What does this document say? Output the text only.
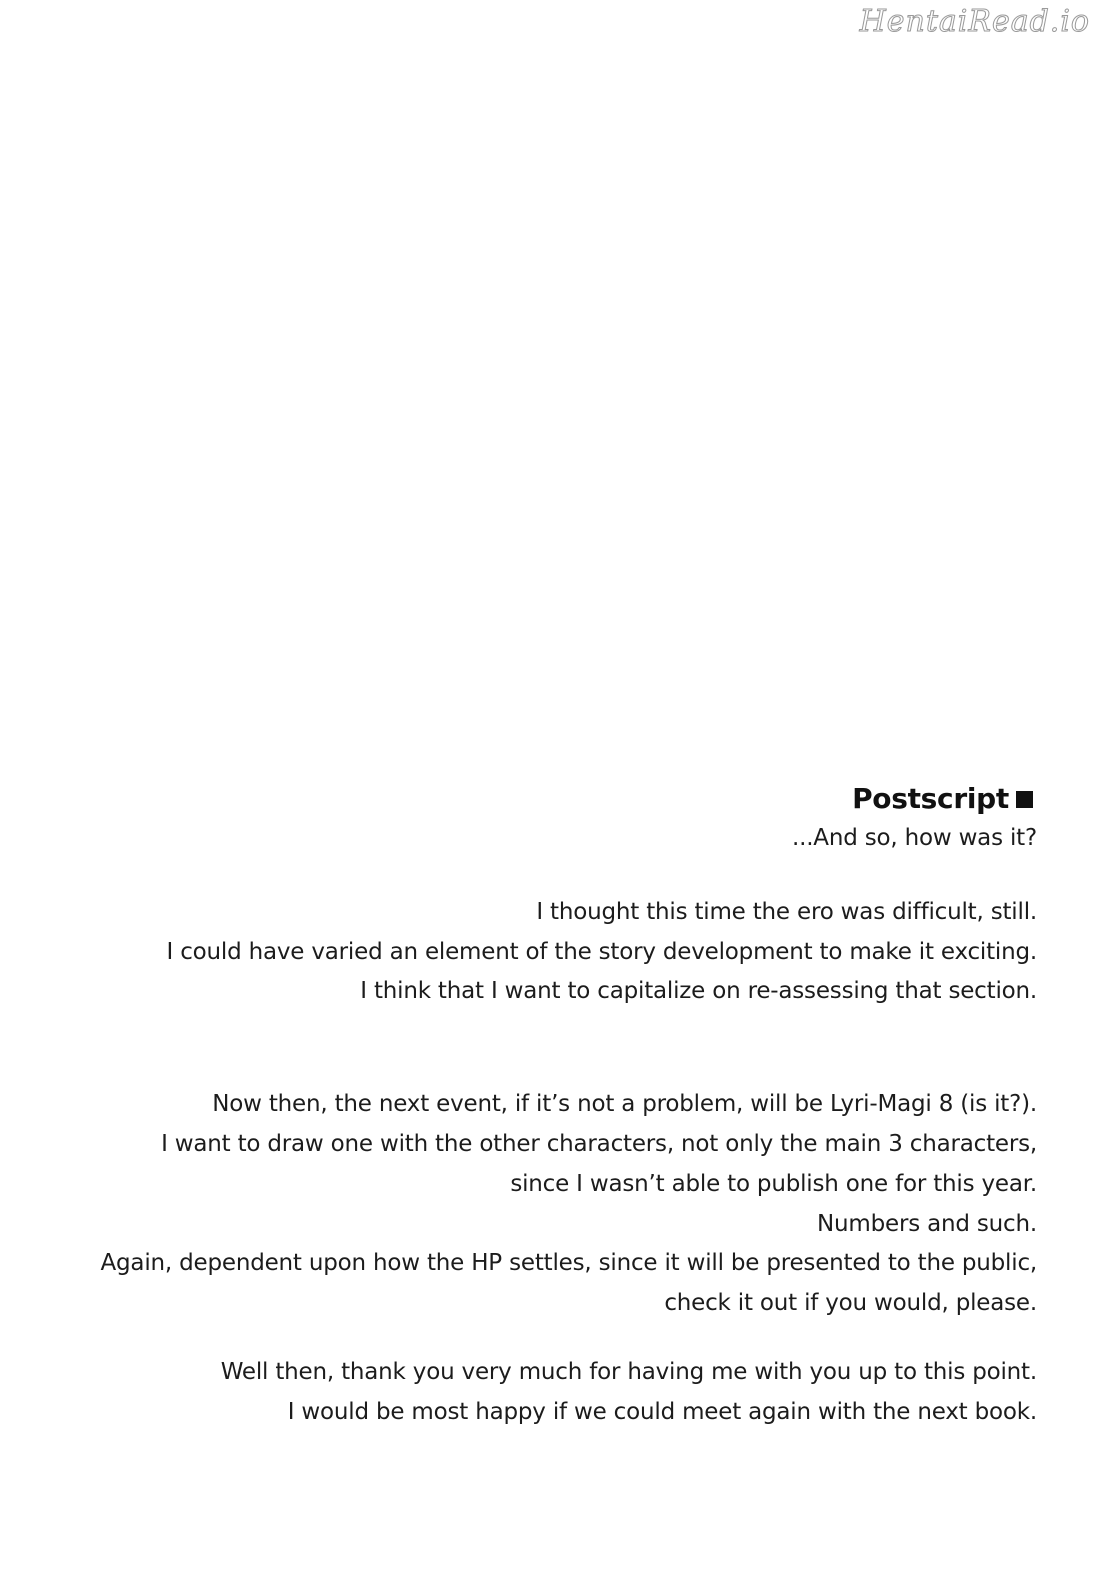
HentaiRead.io
Postscript
...And so, how was it?
I thought this time the ero was difficult, still.
I could have varied an element of the story development to make it exciting.
I think that I want to capitalize on re-assessing that section.
Now then, the next event, if it’s not a problem, will be Lyri-Magi 8 (is it?).
I want to draw one with the other characters, not only the main 3 characters,
since I wasn’t able to publish one for this year.
Numbers and such.
Again, dependent upon how the HP settles, since it will be presented to the public,
check it out if you would, please.
Well then, thank you very much for having me with you up to this point.
I would be most happy if we could meet again with the next book.
